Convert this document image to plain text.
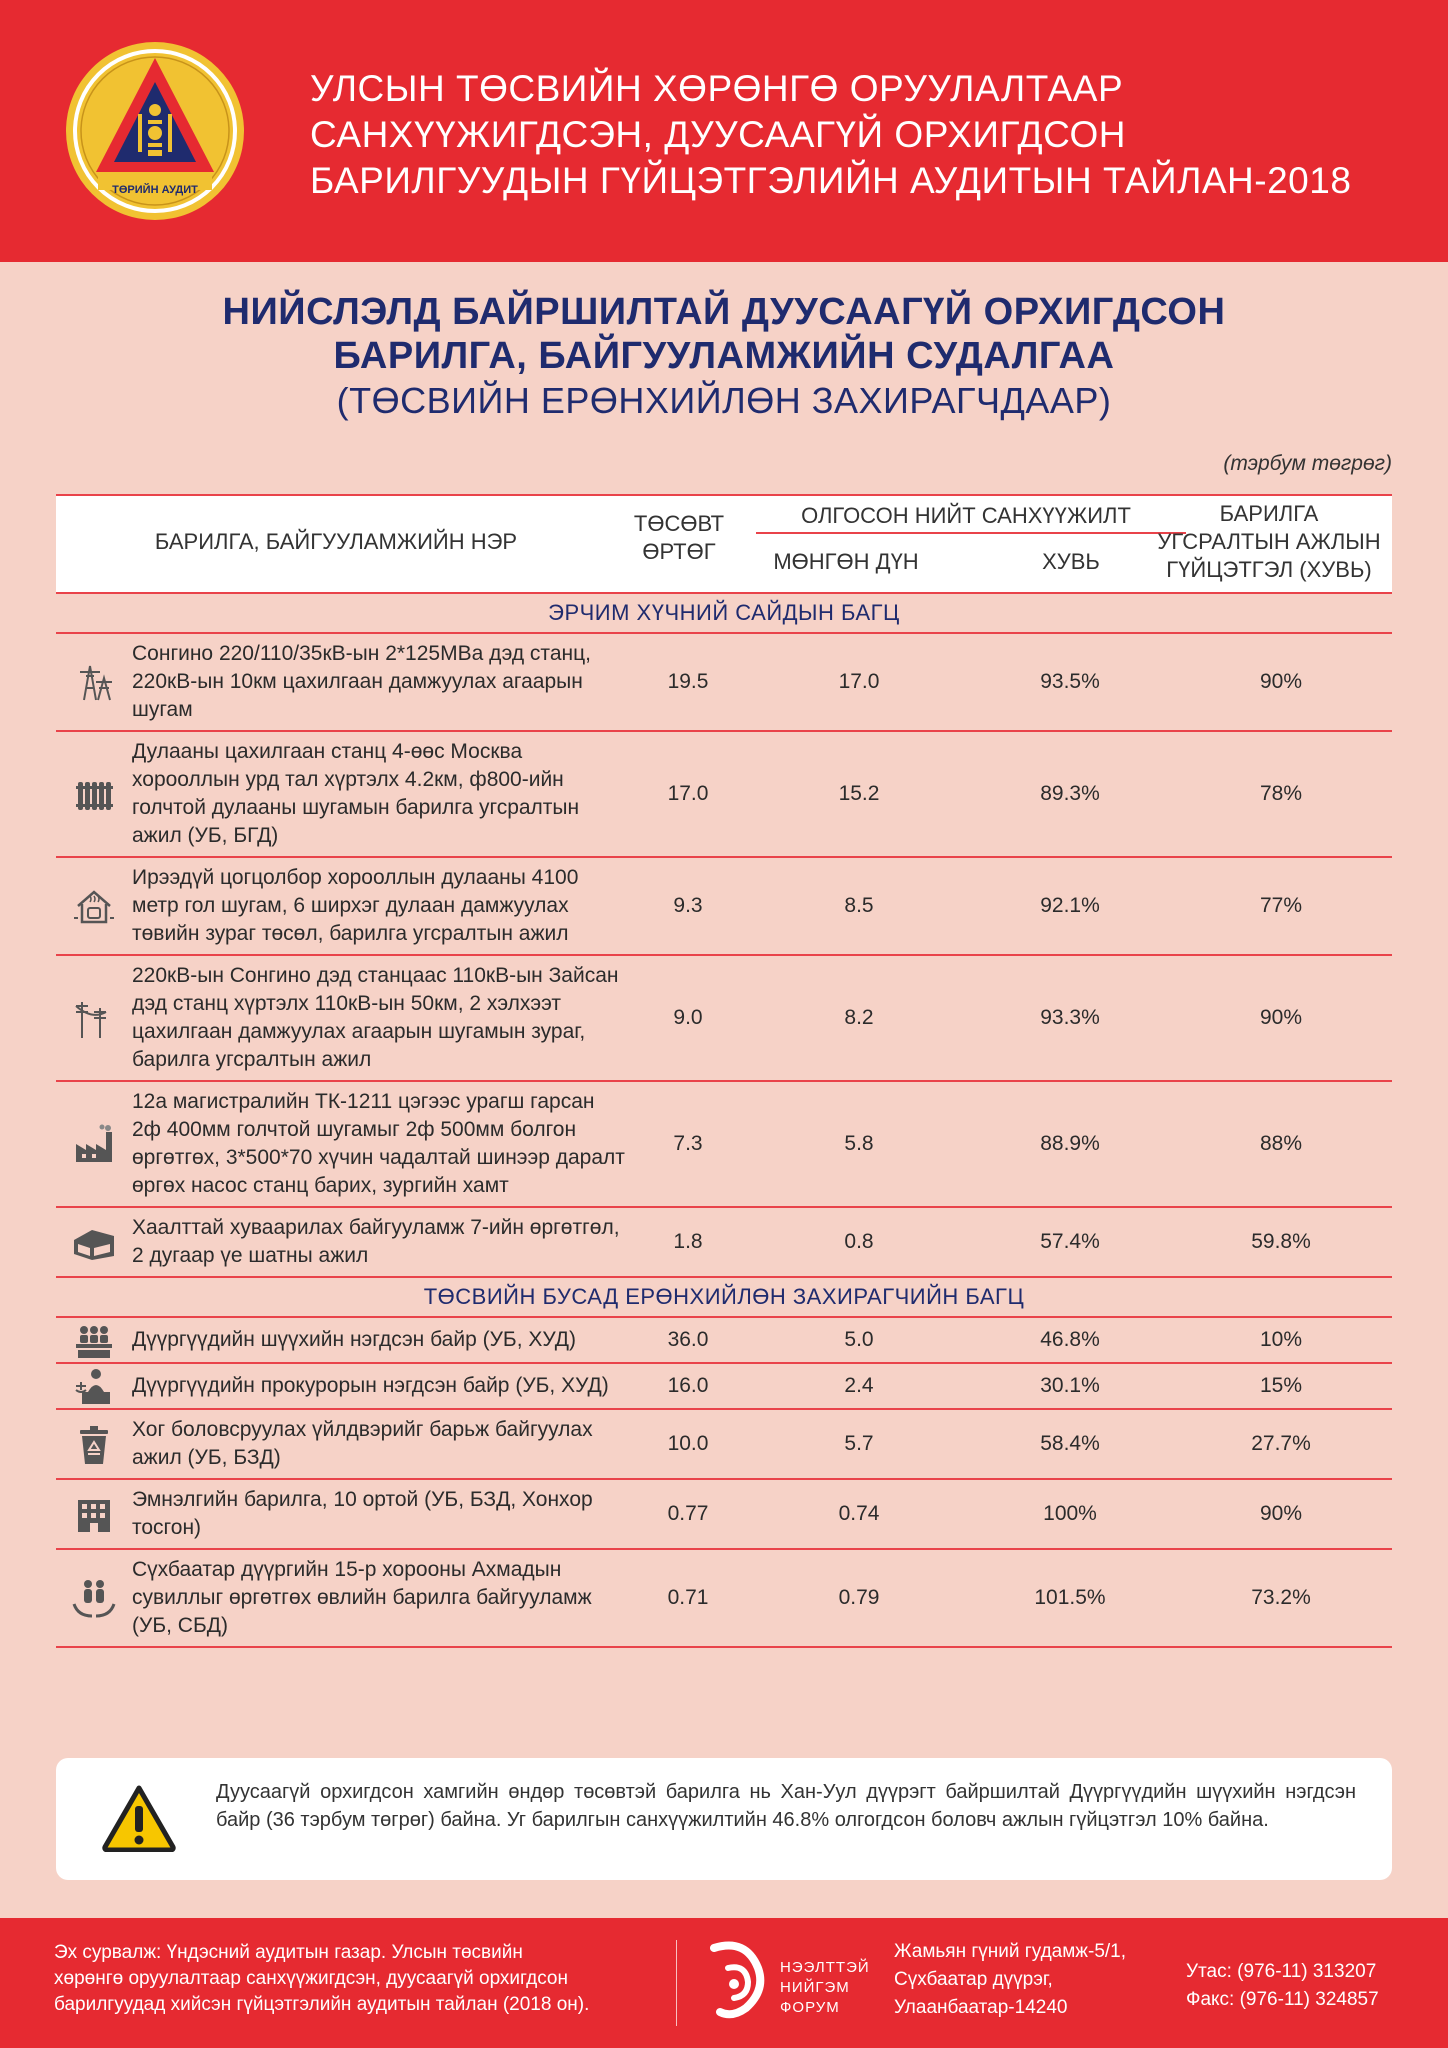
ТӨРИЙН АУДИТ
УЛСЫН ТӨСВИЙН ХӨРӨНГӨ ОРУУЛАЛТААР
САНХҮҮЖИГДСЭН, ДУУСААГҮЙ ОРХИГДСОН
БАРИЛГУУДЫН ГҮЙЦЭТГЭЛИЙН АУДИТЫН ТАЙЛАН-2018
НИЙСЛЭЛД БАЙРШИЛТАЙ ДУУСААГҮЙ ОРХИГДСОН
БАРИЛГА, БАЙГУУЛАМЖИЙН СУДАЛГАА
(ТӨСВИЙН ЕРӨНХИЙЛӨН ЗАХИРАГЧДААР)
(тэрбум төгрөг)
БАРИЛГА, БАЙГУУЛАМЖИЙН НЭР
ТӨСӨВТ
ӨРТӨГ
ОЛГОСОН НИЙТ САНХҮҮЖИЛТ
МӨНГӨН ДҮН	ХУВЬ
БАРИЛГА
УГСРАЛТЫН АЖЛЫН
ГҮЙЦЭТГЭЛ (ХУВЬ)
ЭРЧИМ ХҮЧНИЙ САЙДЫН БАГЦ
Сонгино 220/110/35кВ-ын 2*125МВа дэд станц, 220кВ-ын 10км цахилгаан дамжуулах агаарын шугам
19.5	17.0	93.5%	90%
Дулааны цахилгаан станц 4-өөс Москва хорооллын урд тал хүртэлх 4.2км, ф800-ийн голчтой дулааны шугамын барилга угсралтын ажил (УБ, БГД)
17.0	15.2	89.3%	78%
Ирээдүй цогцолбор хорооллын дулааны 4100 метр гол шугам, 6 ширхэг дулаан дамжуулах төвийн зураг төсөл, барилга угсралтын ажил
9.3	8.5	92.1%	77%
220кВ-ын Сонгино дэд станцаас 110кВ-ын Зайсан дэд станц хүртэлх 110кВ-ын 50км, 2 хэлхээт цахилгаан дамжуулах агаарын шугамын зураг, барилга угсралтын ажил
9.0	8.2	93.3%	90%
12а магистралийн ТК-1211 цэгээс урагш гарсан 2ф 400мм голчтой шугамыг 2ф 500мм болгон өргөтгөх, 3*500*70 хүчин чадалтай шинээр даралт өргөх насос станц барих, зургийн хамт
7.3	5.8	88.9%	88%
Хаалттай хуваарилах байгууламж 7-ийн өргөтгөл, 2 дугаар үе шатны ажил
1.8	0.8	57.4%	59.8%
ТӨСВИЙН БУСАД ЕРӨНХИЙЛӨН ЗАХИРАГЧИЙН БАГЦ
Дүүргүүдийн шүүхийн нэгдсэн байр (УБ, ХУД)	36.0	5.0	46.8%	10%
Дүүргүүдийн прокурорын нэгдсэн байр (УБ, ХУД)	16.0	2.4	30.1%	15%
Хог боловсруулах үйлдвэрийг барьж байгуулах ажил (УБ, БЗД)
10.0	5.7	58.4%	27.7%
Эмнэлгийн барилга, 10 ортой (УБ, БЗД, Хонхор тосгон)
0.77	0.74	100%	90%
Сүхбаатар дүүргийн 15-р хорооны Ахмадын сувиллыг өргөтгөх өвлийн барилга байгууламж (УБ, СБД)
0.71	0.79	101.5%	73.2%
Дуусаагүй орхигдсон хамгийн өндөр төсөвтэй барилга нь Хан-Уул дүүрэгт байршилтай Дүүргүүдийн шүүхийн нэгдсэн байр (36 тэрбум төгрөг) байна. Уг барилгын санхүүжилтийн 46.8% олгогдсон боловч ажлын гүйцэтгэл 10% байна.
Эх сурвалж: Үндэсний аудитын газар. Улсын төсвийн
хөрөнгө оруулалтаар санхүүжигдсэн, дуусаагүй орхигдсон
барилгуудад хийсэн гүйцэтгэлийн аудитын тайлан (2018 он).
НЭЭЛТТЭЙ
НИЙГЭМ
ФОРУМ
Жамьян гүний гудамж-5/1,
Сүхбаатар дүүрэг,
Улаанбаатар-14240
Утас: (976-11) 313207
Факс: (976-11) 324857
